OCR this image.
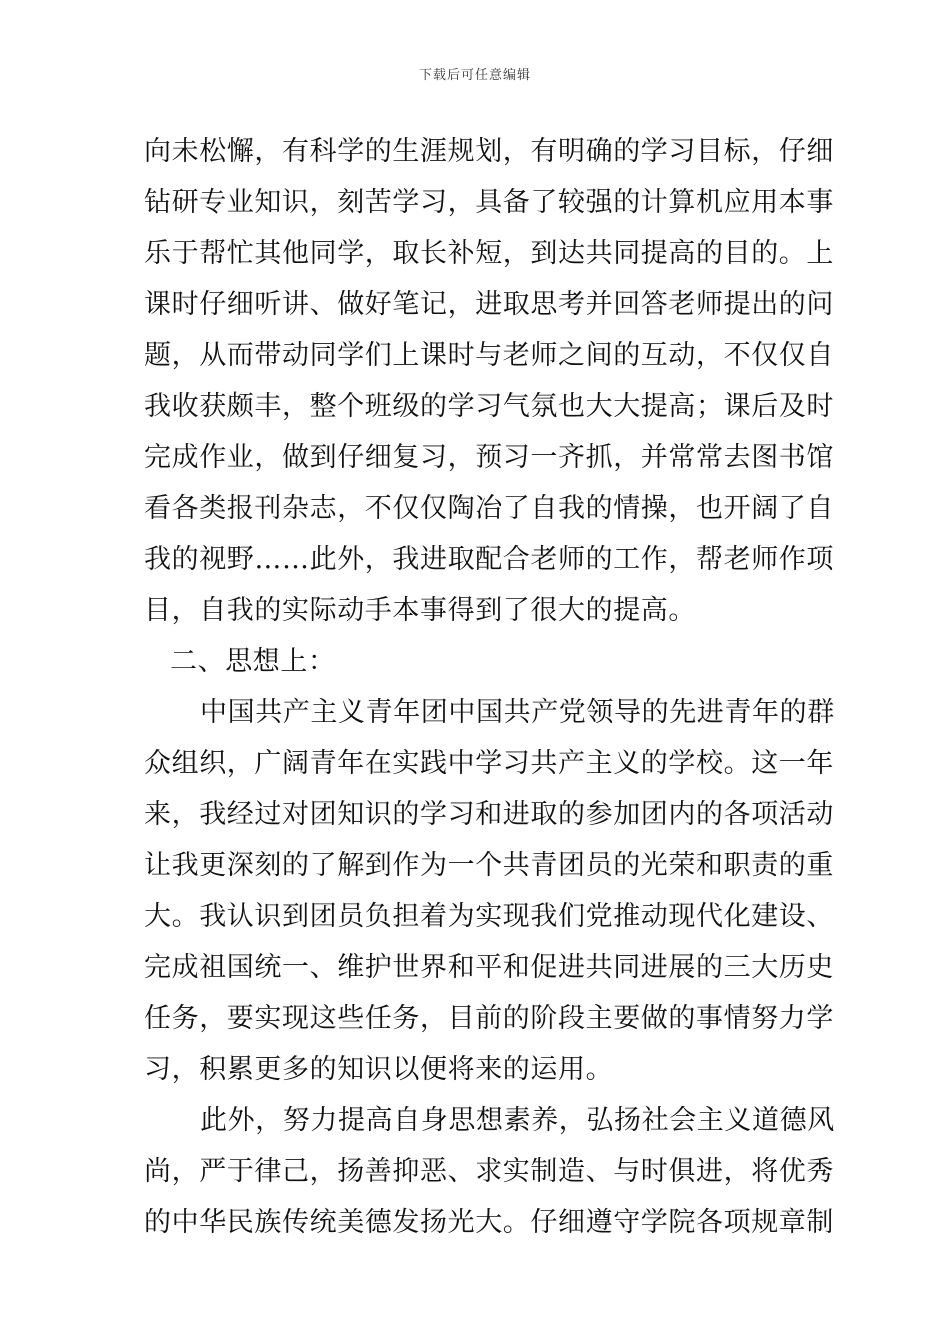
下载后可任意编辑
向未松懈，有科学的生涯规划，有明确的学习目标，仔细
钻研专业知识，刻苦学习，具备了较强的计算机应用本事
乐于帮忙其他同学，取长补短，到达共同提高的目的。上
课时仔细听讲、做好笔记，进取思考并回答老师提出的问
题，从而带动同学们上课时与老师之间的互动，不仅仅自
我收获颇丰，整个班级的学习气氛也大大提高；课后及时
完成作业，做到仔细复习，预习一齐抓，并常常去图书馆
看各类报刊杂志，不仅仅陶冶了自我的情操，也开阔了自
我的视野……此外，我进取配合老师的工作，帮老师作项
目，自我的实际动手本事得到了很大的提高。
二、思想上：
中国共产主义青年团中国共产党领导的先进青年的群
众组织，广阔青年在实践中学习共产主义的学校。这一年
来，我经过对团知识的学习和进取的参加团内的各项活动
让我更深刻的了解到作为一个共青团员的光荣和职责的重
大。我认识到团员负担着为实现我们党推动现代化建设、
完成祖国统一、维护世界和平和促进共同进展的三大历史
任务，要实现这些任务，目前的阶段主要做的事情努力学
习，积累更多的知识以便将来的运用。
此外，努力提高自身思想素养，弘扬社会主义道德风
尚，严于律己，扬善抑恶、求实制造、与时俱进，将优秀
的中华民族传统美德发扬光大。仔细遵守学院各项规章制
